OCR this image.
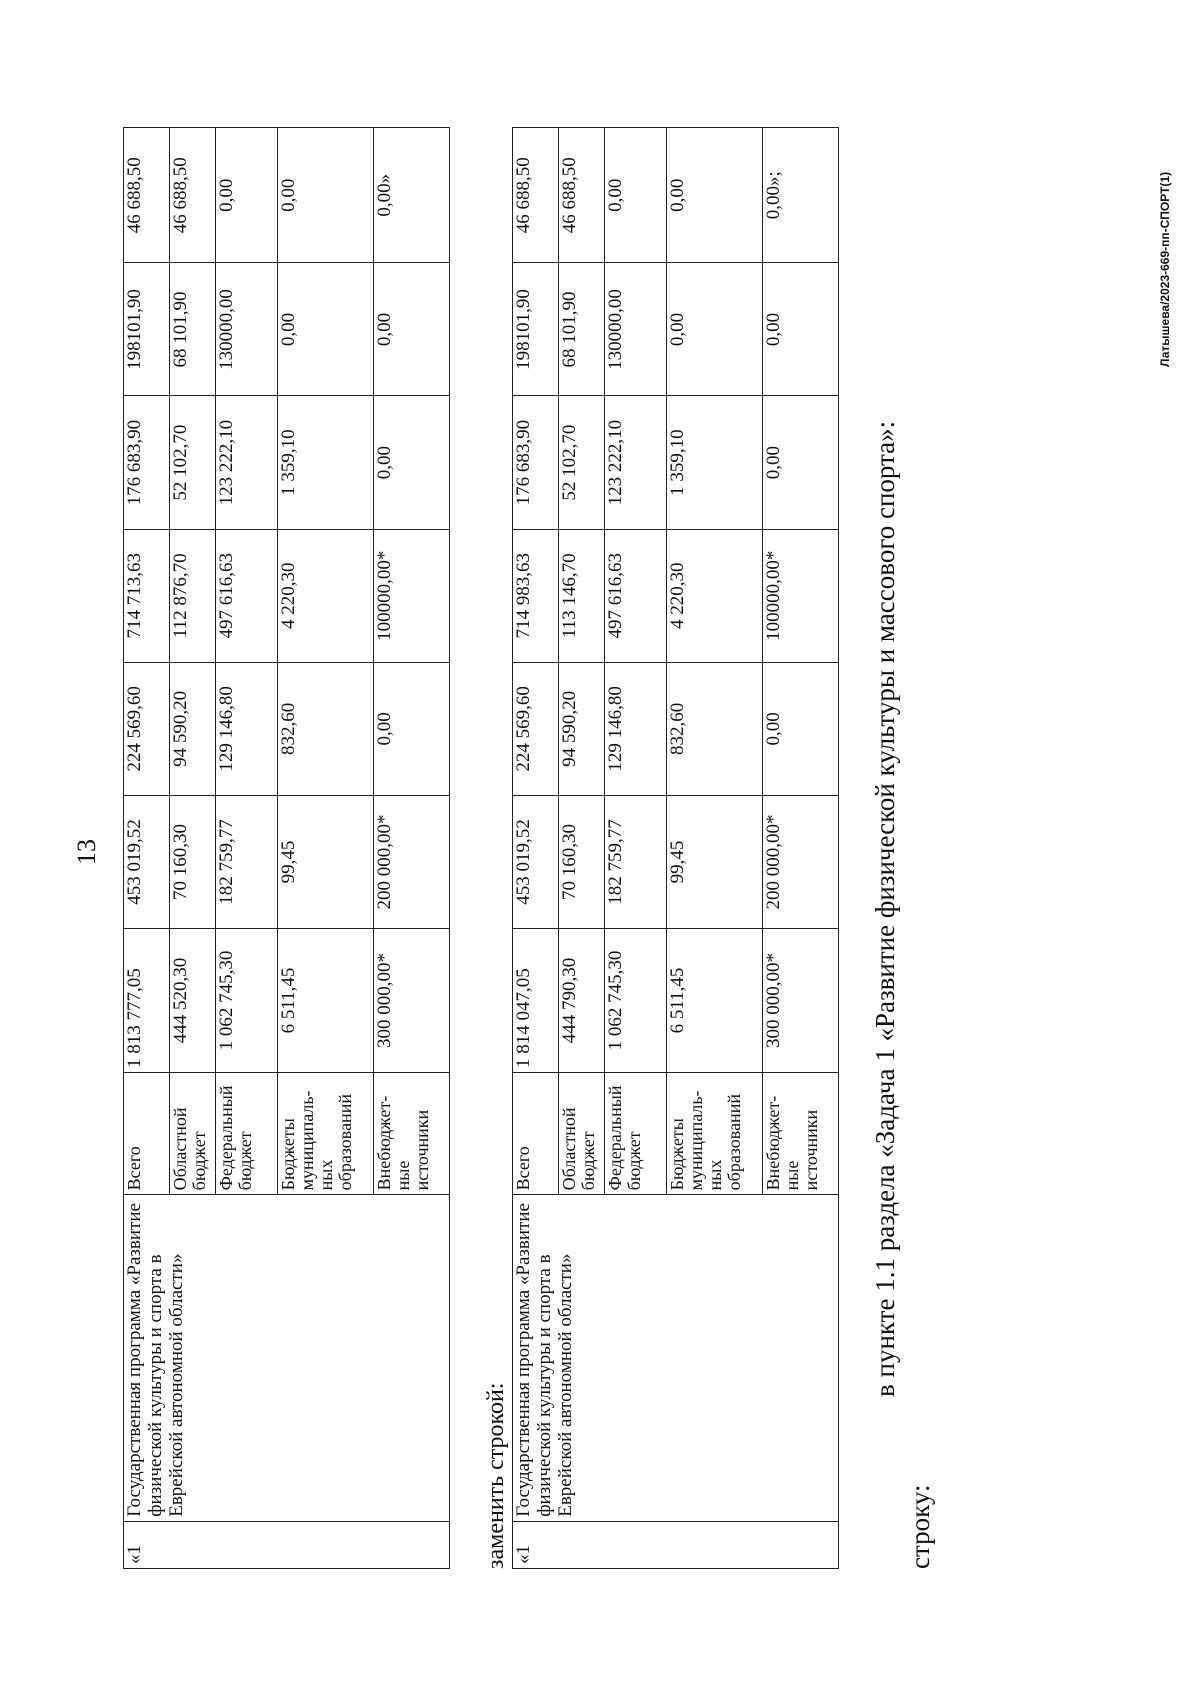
13
«1	Государственная программа «Развитие физической культуры и спорта в Еврейской автономной области»	Всего	1 813 777,05	453 019,52	224 569,60	714 713,63	176 683,90	198101,90	46 688,50
		Областной бюджет	444 520,30	70 160,30	94 590,20	112 876,70	52 102,70	68 101,90	46 688,50
		Федеральный бюджет	1 062 745,30	182 759,77	129 146,80	497 616,63	123 222,10	130000,00	0,00
		Бюджеты муниципаль-ных образований	6 511,45	99,45	832,60	4 220,30	1 359,10	0,00	0,00
		Внебюджет-ные источники	300 000,00*	200 000,00*	0,00	100000,00*	0,00	0,00	0,00»
заменить строкой: «1	Государственная программа «Развитие физической культуры и спорта в Еврейской автономной области»	Всего	1 814 047,05	453 019,52	224 569,60	714 983,63	176 683,90	198101,90	46 688,50
		Областной бюджет	444 790,30	70 160,30	94 590,20	113 146,70	52 102,70	68 101,90	46 688,50
		Федеральный бюджет	1 062 745,30	182 759,77	129 146,80	497 616,63	123 222,10	130000,00	0,00
		Бюджеты муниципаль-ных образований	6 511,45	99,45	832,60	4 220,30	1 359,10	0,00	0,00
		Внебюджет-ные источники	300 000,00*	200 000,00*	0,00	100000,00*	0,00	0,00	0,00»;
в пункте 1.1 раздела «Задача 1 «Развитие физической культуры и массового спорта»:
строку:
Латышева/2023-669-пп-СПОРТ(1)
